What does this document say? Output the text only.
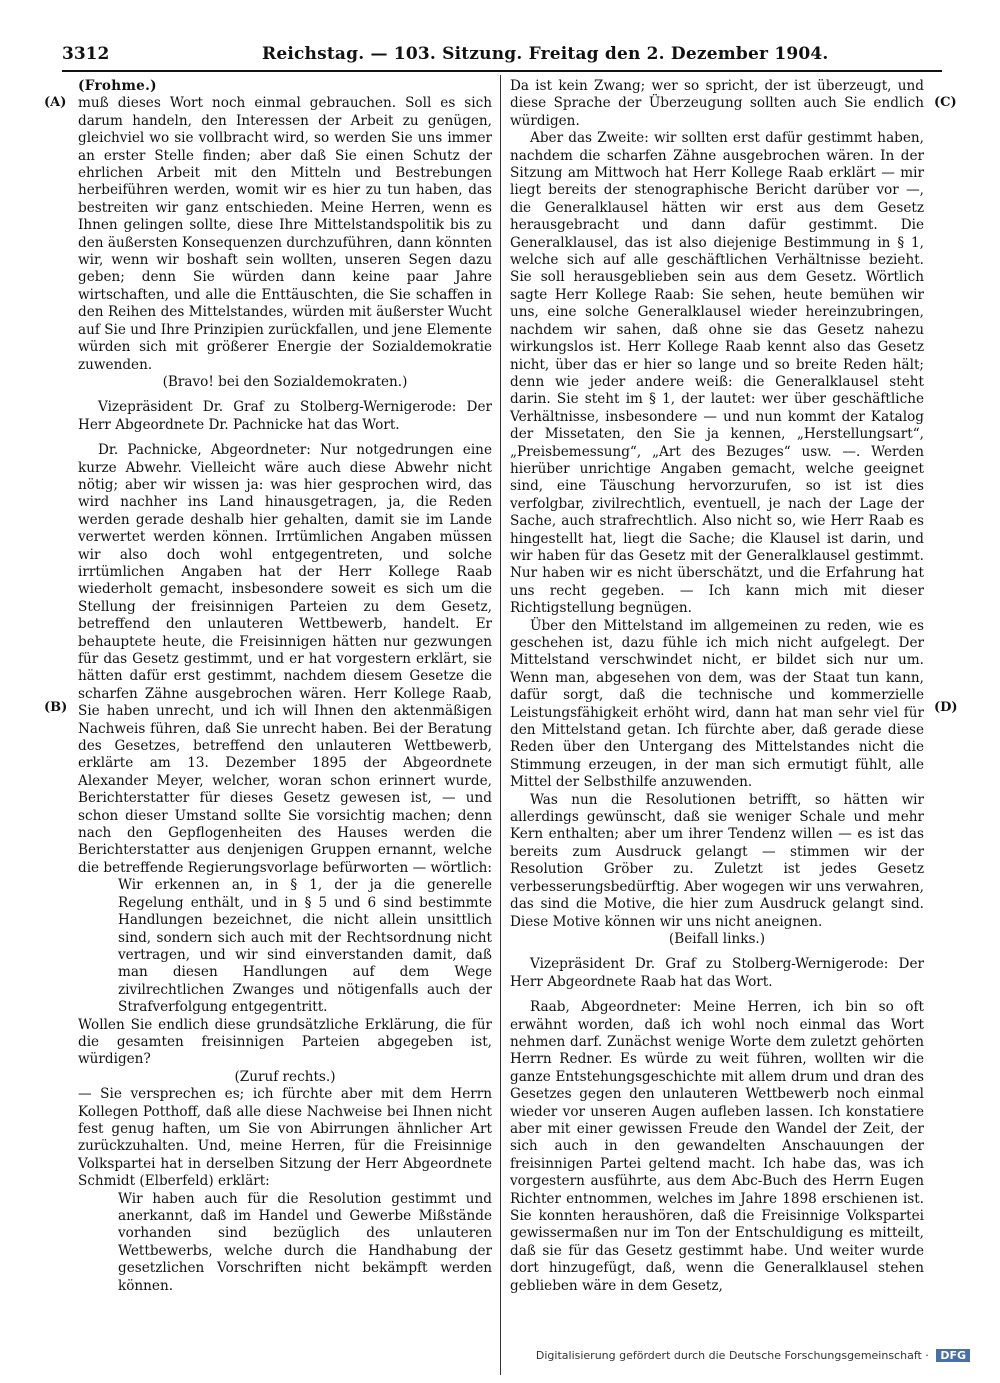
3312	Reichstag. — 103. Sitzung. Freitag den 2. Dezember 1904.
(A)
(B)
(C)
(D)

(Frohme.)

muß dieses Wort noch einmal gebrauchen. Soll es sich darum handeln, den Interessen der Arbeit zu genügen, gleichviel wo sie vollbracht wird, so werden Sie uns immer an erster Stelle finden; aber daß Sie einen Schutz der ehrlichen Arbeit mit den Mitteln und Bestrebungen herbeiführen werden, womit wir es hier zu tun haben, das bestreiten wir ganz entschieden. Meine Herren, wenn es Ihnen gelingen sollte, diese Ihre Mittelstandspolitik bis zu den äußersten Konsequenzen durchzuführen, dann könnten wir, wenn wir boshaft sein wollten, unseren Segen dazu geben; denn Sie würden dann keine paar Jahre wirtschaften, und alle die Enttäuschten, die Sie schaffen in den Reihen des Mittelstandes, würden mit äußerster Wucht auf Sie und Ihre Prinzipien zurückfallen, und jene Elemente würden sich mit größerer Energie der Sozialdemokratie zuwenden.

(Bravo! bei den Sozialdemokraten.)

Vizepräsident Dr. Graf zu Stolberg-Wernigerode: Der Herr Abgeordnete Dr. Pachnicke hat das Wort.

Dr. Pachnicke, Abgeordneter: Nur notgedrungen eine kurze Abwehr. Vielleicht wäre auch diese Abwehr nicht nötig; aber wir wissen ja: was hier gesprochen wird, das wird nachher ins Land hinausgetragen, ja, die Reden werden gerade deshalb hier gehalten, damit sie im Lande verwertet werden können. Irrtümlichen Angaben müssen wir also doch wohl entgegentreten, und solche irrtümlichen Angaben hat der Herr Kollege Raab wiederholt gemacht, insbesondere soweit es sich um die Stellung der freisinnigen Parteien zu dem Gesetz, betreffend den unlauteren Wettbewerb, handelt. Er behauptete heute, die Freisinnigen hätten nur gezwungen für das Gesetz gestimmt, und er hat vorgestern erklärt, sie hätten dafür erst gestimmt, nachdem diesem Gesetze die scharfen Zähne ausgebrochen wären. Herr Kollege Raab, Sie haben unrecht, und ich will Ihnen den aktenmäßigen Nachweis führen, daß Sie unrecht haben. Bei der Beratung des Gesetzes, betreffend den unlauteren Wettbewerb, erklärte am 13. Dezember 1895 der Abgeordnete Alexander Meyer, welcher, woran schon erinnert wurde, Berichterstatter für dieses Gesetz gewesen ist, — und schon dieser Umstand sollte Sie vorsichtig machen; denn nach den Gepflogenheiten des Hauses werden die Berichterstatter aus denjenigen Gruppen ernannt, welche die betreffende Regierungsvorlage befürworten — wörtlich:

Wir erkennen an, in § 1, der ja die generelle Regelung enthält, und in § 5 und 6 sind bestimmte Handlungen bezeichnet, die nicht allein unsittlich sind, sondern sich auch mit der Rechtsordnung nicht vertragen, und wir sind einverstanden damit, daß man diesen Handlungen auf dem Wege zivilrechtlichen Zwanges und nötigenfalls auch der Strafverfolgung entgegentritt.

Wollen Sie endlich diese grundsätzliche Erklärung, die für die gesamten freisinnigen Parteien abgegeben ist, würdigen?

(Zuruf rechts.)

— Sie versprechen es; ich fürchte aber mit dem Herrn Kollegen Potthoff, daß alle diese Nachweise bei Ihnen nicht fest genug haften, um Sie von Abirrungen ähnlicher Art zurückzuhalten. Und, meine Herren, für die Freisinnige Volkspartei hat in derselben Sitzung der Herr Abgeordnete Schmidt (Elberfeld) erklärt:

Wir haben auch für die Resolution gestimmt und anerkannt, daß im Handel und Gewerbe Mißstände vorhanden sind bezüglich des unlauteren Wettbewerbs, welche durch die Handhabung der gesetzlichen Vorschriften nicht bekämpft werden können.

Da ist kein Zwang; wer so spricht, der ist überzeugt, und diese Sprache der Überzeugung sollten auch Sie endlich würdigen.

Aber das Zweite: wir sollten erst dafür gestimmt haben, nachdem die scharfen Zähne ausgebrochen wären. In der Sitzung am Mittwoch hat Herr Kollege Raab erklärt — mir liegt bereits der stenographische Bericht darüber vor —, die Generalklausel hätten wir erst aus dem Gesetz herausgebracht und dann dafür gestimmt. Die Generalklausel, das ist also diejenige Bestimmung in § 1, welche sich auf alle geschäftlichen Verhältnisse bezieht. Sie soll herausgeblieben sein aus dem Gesetz. Wörtlich sagte Herr Kollege Raab: Sie sehen, heute bemühen wir uns, eine solche Generalklausel wieder hereinzubringen, nachdem wir sahen, daß ohne sie das Gesetz nahezu wirkungslos ist. Herr Kollege Raab kennt also das Gesetz nicht, über das er hier so lange und so breite Reden hält; denn wie jeder andere weiß: die Generalklausel steht darin. Sie steht im § 1, der lautet: wer über geschäftliche Verhältnisse, insbesondere — und nun kommt der Katalog der Missetaten, den Sie ja kennen, „Herstellungsart“, „Preisbemessung“, „Art des Bezuges“ usw. —. Werden hierüber unrichtige Angaben gemacht, welche geeignet sind, eine Täuschung hervorzurufen, so ist ist dies verfolgbar, zivilrechtlich, eventuell, je nach der Lage der Sache, auch strafrechtlich. Also nicht so, wie Herr Raab es hingestellt hat, liegt die Sache; die Klausel ist darin, und wir haben für das Gesetz mit der Generalklausel gestimmt. Nur haben wir es nicht überschätzt, und die Erfahrung hat uns recht gegeben. — Ich kann mich mit dieser Richtigstellung begnügen.

Über den Mittelstand im allgemeinen zu reden, wie es geschehen ist, dazu fühle ich mich nicht aufgelegt. Der Mittelstand verschwindet nicht, er bildet sich nur um. Wenn man, abgesehen von dem, was der Staat tun kann, dafür sorgt, daß die technische und kommerzielle Leistungsfähigkeit erhöht wird, dann hat man sehr viel für den Mittelstand getan. Ich fürchte aber, daß gerade diese Reden über den Untergang des Mittelstandes nicht die Stimmung erzeugen, in der man sich ermutigt fühlt, alle Mittel der Selbsthilfe anzuwenden.

Was nun die Resolutionen betrifft, so hätten wir allerdings gewünscht, daß sie weniger Schale und mehr Kern enthalten; aber um ihrer Tendenz willen — es ist das bereits zum Ausdruck gelangt — stimmen wir der Resolution Gröber zu. Zuletzt ist jedes Gesetz verbesserungsbedürftig. Aber wogegen wir uns verwahren, das sind die Motive, die hier zum Ausdruck gelangt sind. Diese Motive können wir uns nicht aneignen.

(Beifall links.)

Vizepräsident Dr. Graf zu Stolberg-Wernigerode: Der Herr Abgeordnete Raab hat das Wort.

Raab, Abgeordneter: Meine Herren, ich bin so oft erwähnt worden, daß ich wohl noch einmal das Wort nehmen darf. Zunächst wenige Worte dem zuletzt gehörten Herrn Redner. Es würde zu weit führen, wollten wir die ganze Entstehungsgeschichte mit allem drum und dran des Gesetzes gegen den unlauteren Wettbewerb noch einmal wieder vor unseren Augen aufleben lassen. Ich konstatiere aber mit einer gewissen Freude den Wandel der Zeit, der sich auch in den gewandelten Anschauungen der freisinnigen Partei geltend macht. Ich habe das, was ich vorgestern ausführte, aus dem Abc-Buch des Herrn Eugen Richter entnommen, welches im Jahre 1898 erschienen ist. Sie konnten heraushören, daß die Freisinnige Volkspartei gewissermaßen nur im Ton der Entschuldigung es mitteilt, daß sie für das Gesetz gestimmt habe. Und weiter wurde dort hinzugefügt, daß, wenn die Generalklausel stehen geblieben wäre in dem Gesetz,

Digitalisierung gefördert durch die Deutsche Forschungsgemeinschaft · DFG
